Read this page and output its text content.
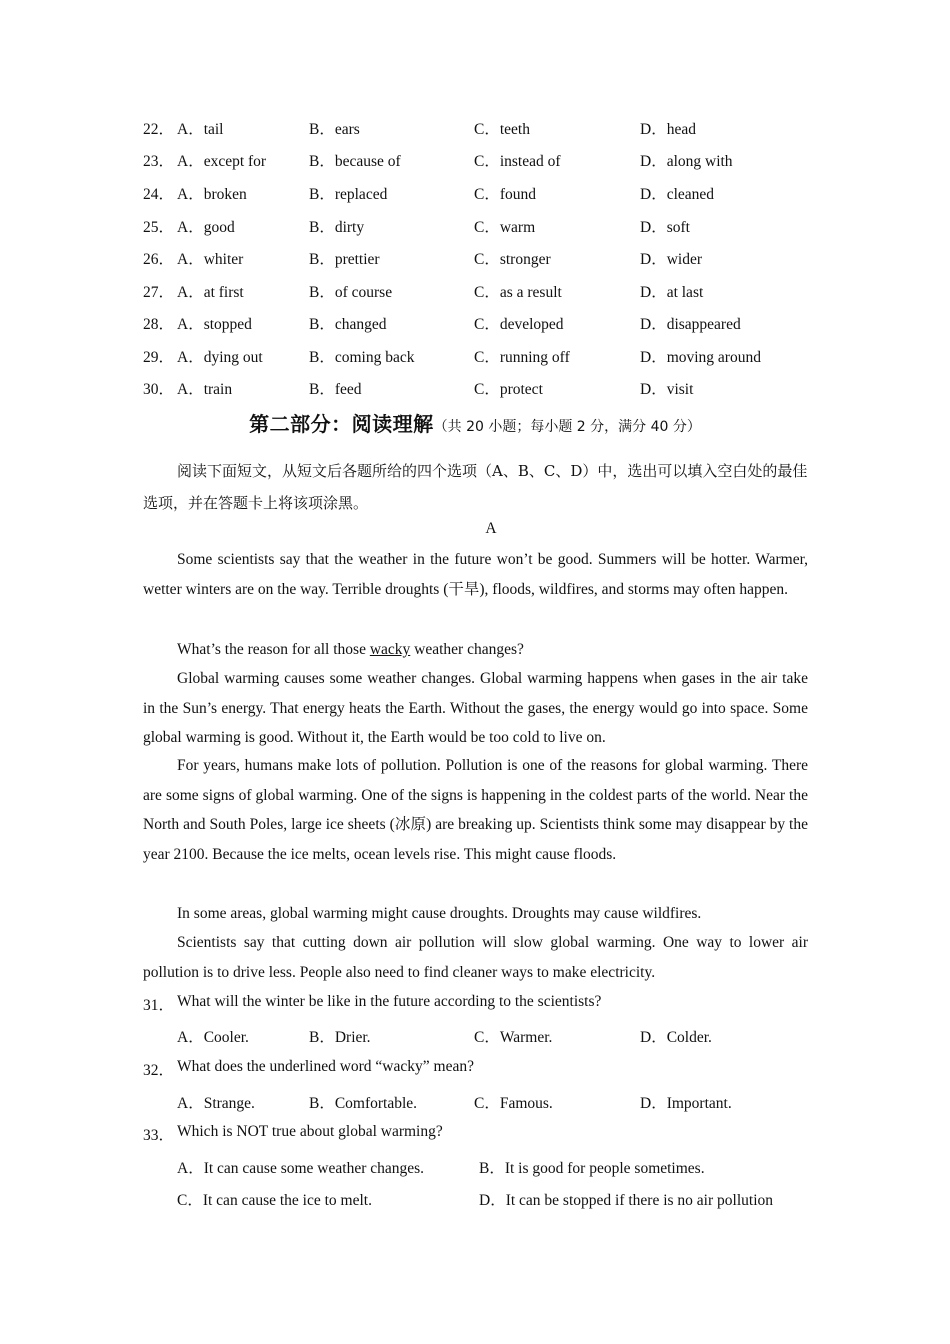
22． A．tail	B．ears	C．teeth	D．head
23． A．except for	B．because of	C．instead of	D．along with
24． A．broken	B．replaced	C．found	D．cleaned
25． A．good	B．dirty	C．warm	D．soft
26． A．whiter	B．prettier	C．stronger	D．wider
27． A．at first	B．of course	C．as a result	D．at last
28． A．stopped	B．changed	C．developed	D．disappeared
29． A．dying out	B．coming back	C．running off	D．moving around
30． A．train	B．feed	C．protect	D．visit
第二部分：阅读理解（共 20 小题；每小题 2 分，满分 40 分）
阅读下面短文，从短文后各题所给的四个选项（A、B、C、D）中，选出可以填入空白处的最佳选项，并在答题卡上将该项涂黑。
A
Some scientists say that the weather in the future won’t be good. Summers will be hotter. Warmer, wetter winters are on the way. Terrible droughts (干旱), floods, wildfires, and storms may often happen.
What’s the reason for all those wacky weather changes?
Global warming causes some weather changes. Global warming happens when gases in the air take in the Sun’s energy. That energy heats the Earth. Without the gases, the energy would go into space. Some global warming is good. Without it, the Earth would be too cold to live on.
For years, humans make lots of pollution. Pollution is one of the reasons for global warming. There are some signs of global warming. One of the signs is happening in the coldest parts of the world. Near the North and South Poles, large ice sheets (冰原) are breaking up. Scientists think some may disappear by the year 2100. Because the ice melts, ocean levels rise. This might cause floods.
In some areas, global warming might cause droughts. Droughts may cause wildfires.
Scientists say that cutting down air pollution will slow global warming. One way to lower air pollution is to drive less. People also need to find cleaner ways to make electricity.
31． What will the winter be like in the future according to the scientists?
A．Cooler.	B．Drier.	C．Warmer.	D．Colder.
32． What does the underlined word “wacky” mean?
A．Strange.	B．Comfortable.	C．Famous.	D．Important.
33． Which is NOT true about global warming?
A．It can cause some weather changes.	B．It is good for people sometimes.
C．It can cause the ice to melt.	D．It can be stopped if there is no air pollution
